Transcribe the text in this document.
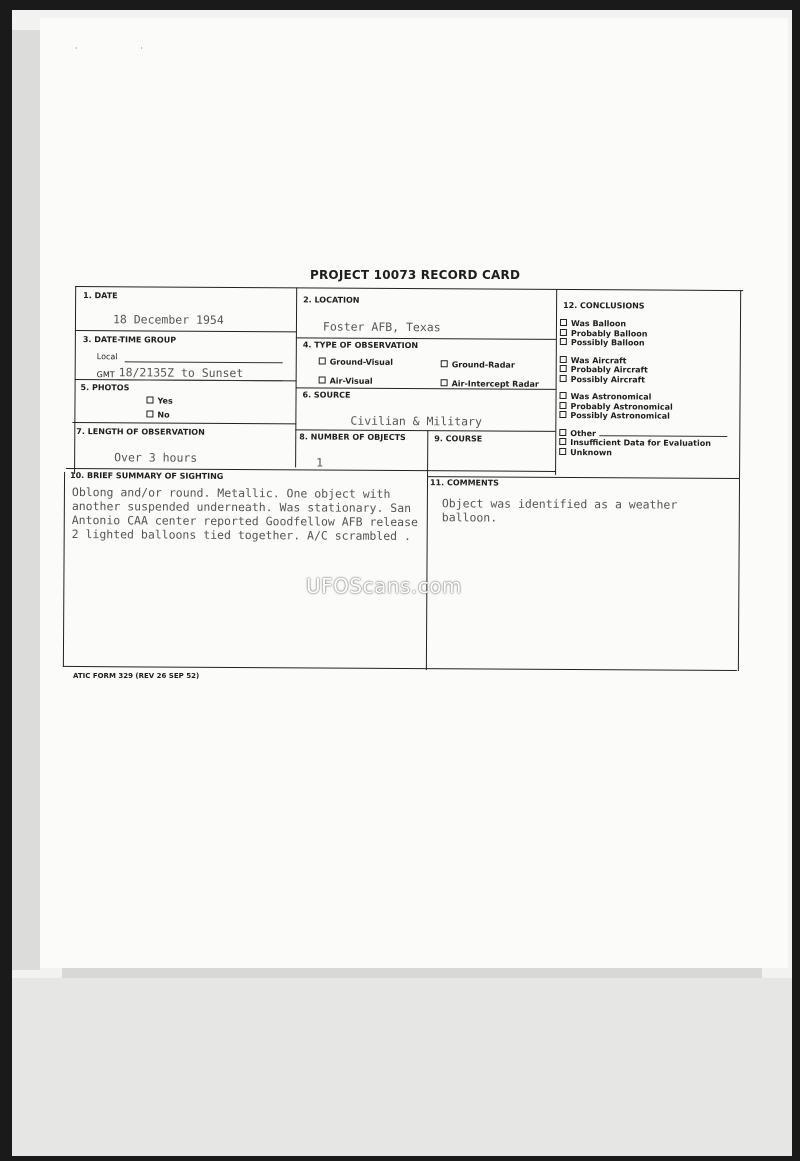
· ·
PROJECT 10073 RECORD CARD
1. DATE
18 December 1954
2. LOCATION
Foster AFB, Texas
3. DATE-TIME GROUP
Local
GMT 18/2135Z to Sunset
4. TYPE OF OBSERVATION
Ground-Visual	Ground-Radar
Air-Visual	Air-Intercept Radar
5. PHOTOS
Yes
No
6. SOURCE
Civilian & Military
7. LENGTH OF OBSERVATION
Over 3 hours
8. NUMBER OF OBJECTS
1
9. COURSE
10. BRIEF SUMMARY OF SIGHTING
Oblong and/or round. Metallic. One object with another suspended underneath. Was stationary. San Antonio CAA center reported Goodfellow AFB release 2 lighted balloons tied together. A/C scrambled .
11. COMMENTS
Object was identified as a weather balloon.
12. CONCLUSIONS
Was Balloon
Probably Balloon
Possibly Balloon
Was Aircraft
Probably Aircraft
Possibly Aircraft
Was Astronomical
Probably Astronomical
Possibly Astronomical
Other
Insufficient Data for Evaluation
Unknown
ATIC FORM 329 (REV 26 SEP 52)
UFOScans.com
